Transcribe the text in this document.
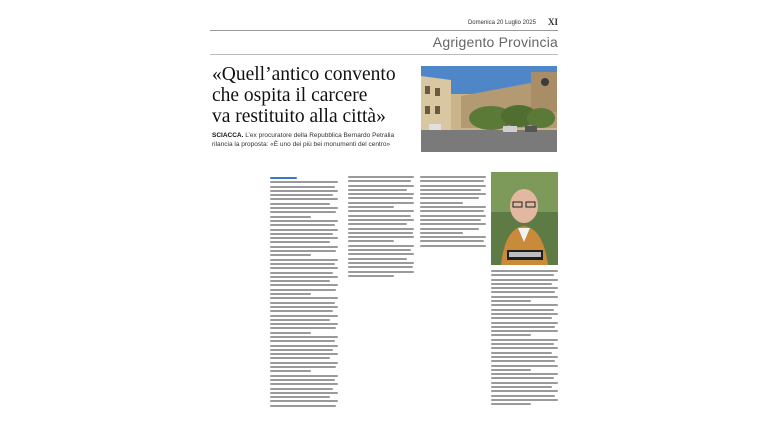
Domenica 20 Luglio 2025 XI
Agrigento Provincia
«Quell’antico convento
che ospita il carcere
va restituito alla città»
SCIACCA. L’ex procuratore della Repubblica Bernardo Petralia
rilancia la proposta: «È uno dei più bei monumenti del centro»
